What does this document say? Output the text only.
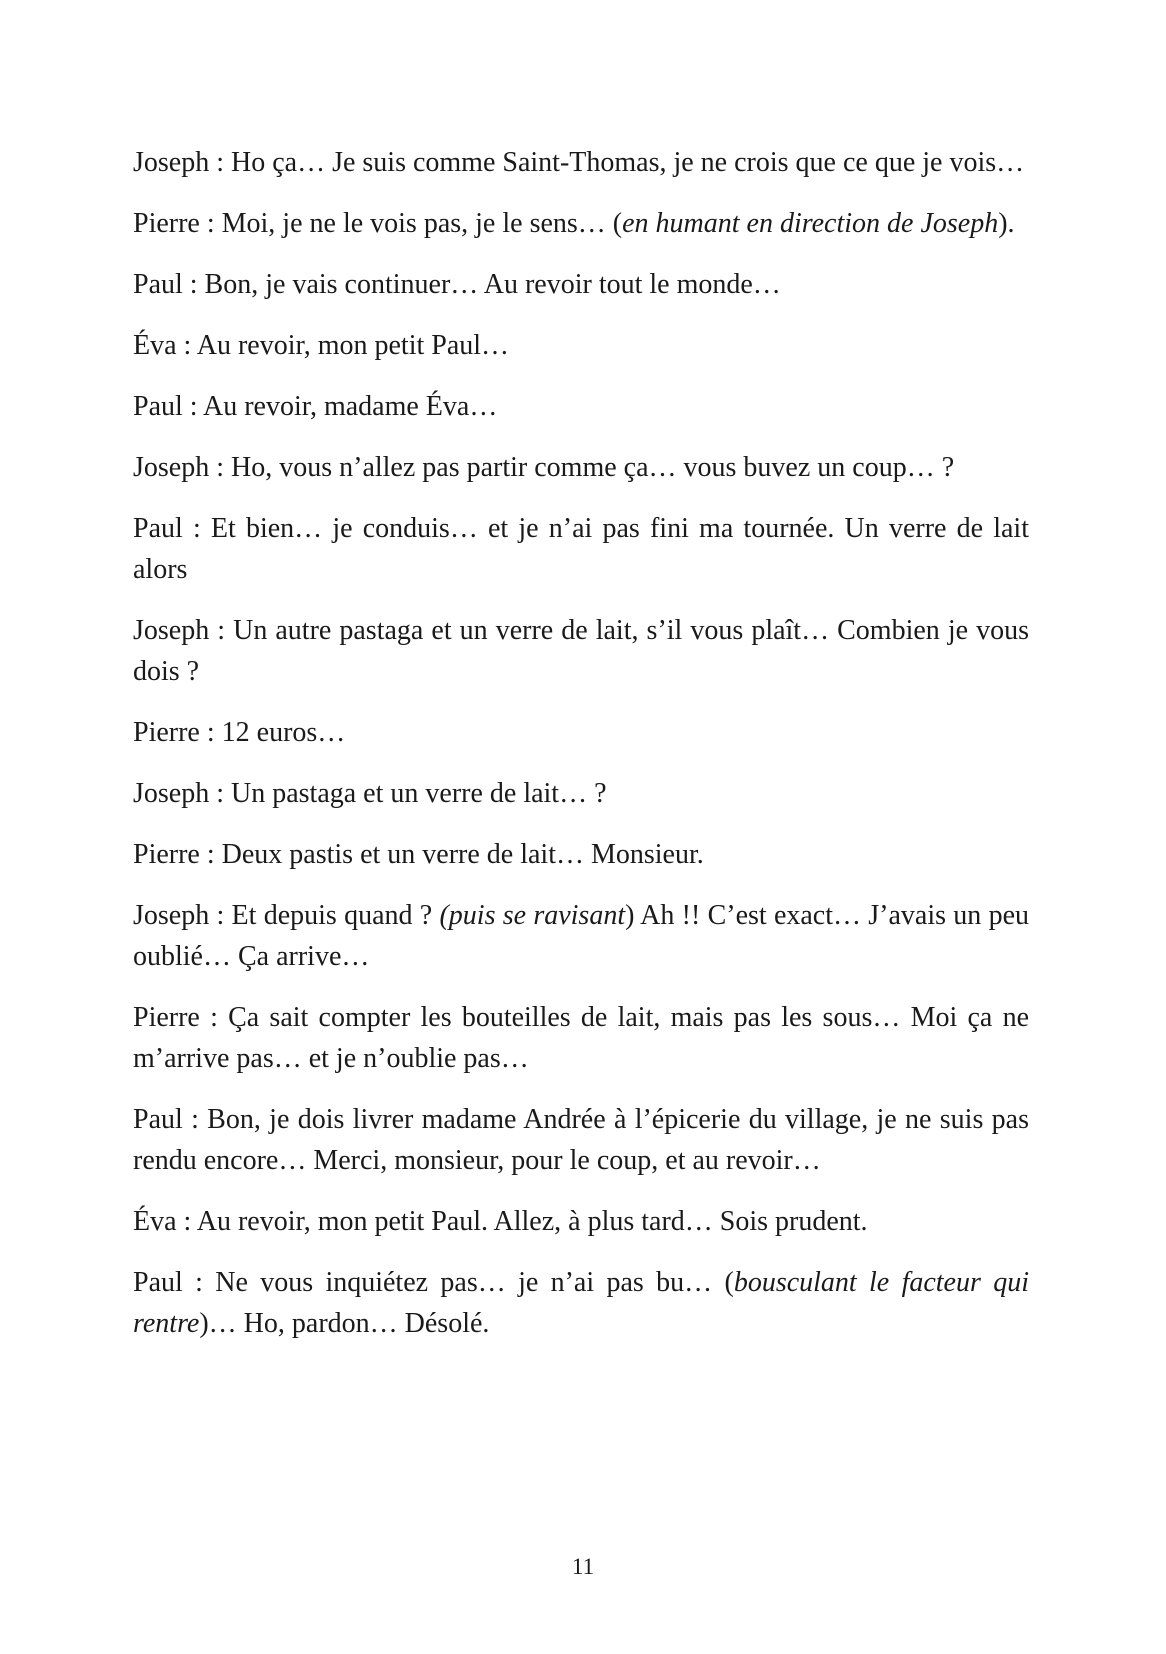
Joseph : Ho ça… Je suis comme Saint-Thomas, je ne crois que ce que je vois…

Pierre : Moi, je ne le vois pas, je le sens… (en humant en direction de Joseph).

Paul : Bon, je vais continuer… Au revoir tout le monde…

Éva : Au revoir, mon petit Paul…

Paul : Au revoir, madame Éva…

Joseph : Ho, vous n’allez pas partir comme ça… vous buvez un coup… ?

Paul : Et bien… je conduis… et je n’ai pas fini ma tournée. Un verre de lait alors

Joseph : Un autre pastaga et un verre de lait, s’il vous plaît… Combien je vous dois ?

Pierre : 12 euros…

Joseph : Un pastaga et un verre de lait… ?

Pierre : Deux pastis et un verre de lait… Monsieur.

Joseph : Et depuis quand ? (puis se ravisant) Ah !! C’est exact… J’avais un peu oublié… Ça arrive…

Pierre : Ça sait compter les bouteilles de lait, mais pas les sous… Moi ça ne m’arrive pas… et je n’oublie pas…

Paul : Bon, je dois livrer madame Andrée à l’épicerie du village, je ne suis pas rendu encore… Merci, monsieur, pour le coup, et au revoir…

Éva : Au revoir, mon petit Paul. Allez, à plus tard… Sois prudent.

Paul : Ne vous inquiétez pas… je n’ai pas bu… (bousculant le facteur qui rentre)… Ho, pardon… Désolé.

11
